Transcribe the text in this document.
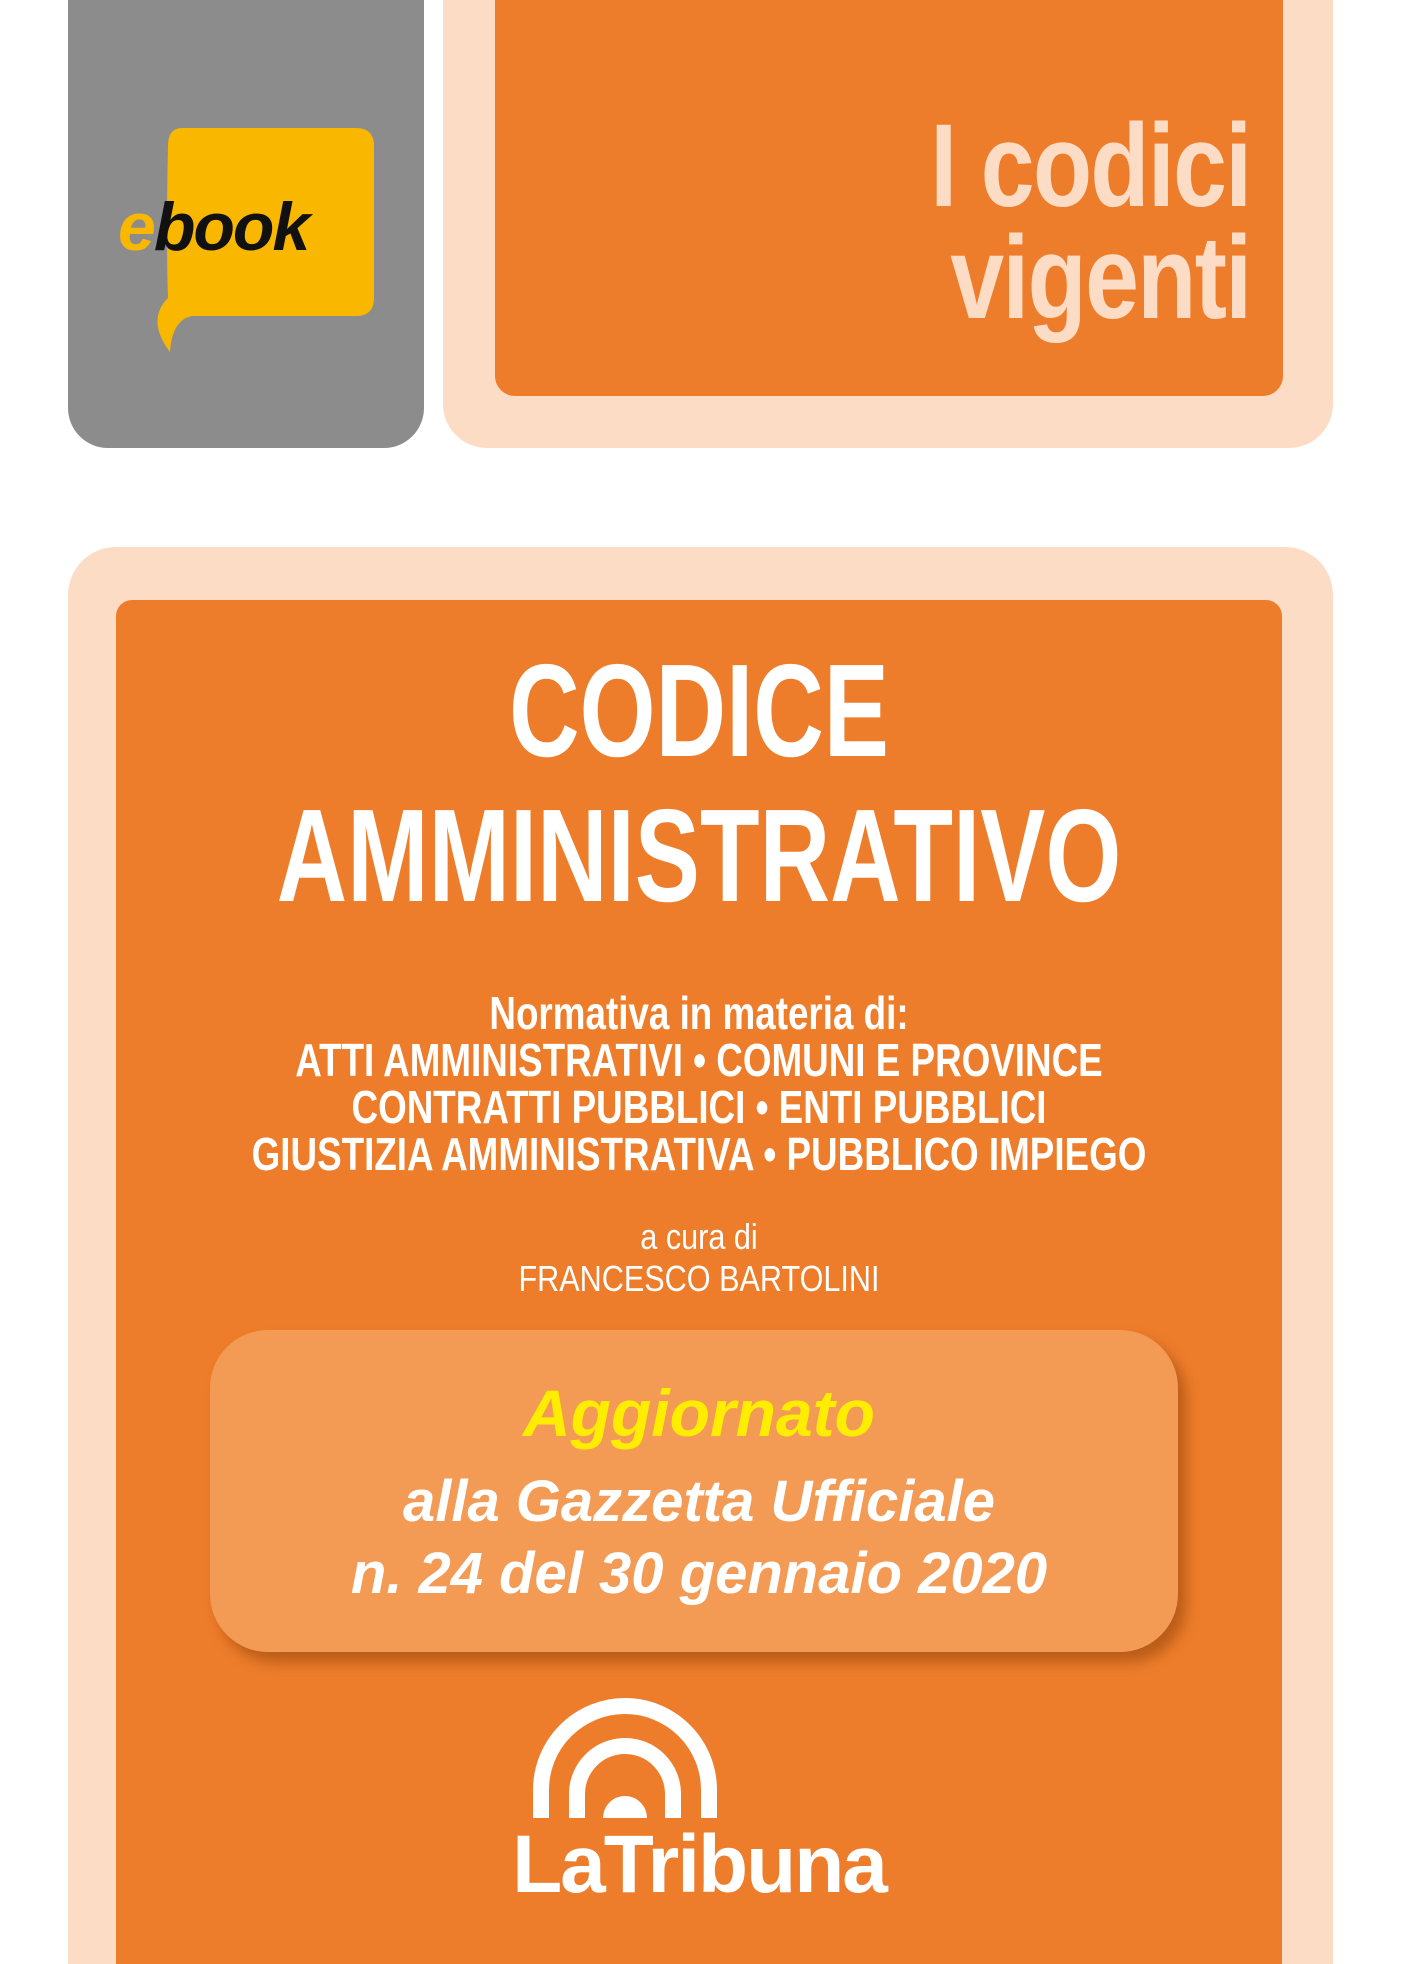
ebook	I codici
vigenti
CODICE
AMMINISTRATIVO
Normativa in materia di:
ATTI AMMINISTRATIVI • COMUNI E PROVINCE
CONTRATTI PUBBLICI • ENTI PUBBLICI
GIUSTIZIA AMMINISTRATIVA • PUBBLICO IMPIEGO
a cura di
FRANCESCO BARTOLINI
Aggiornato
alla Gazzetta Ufficiale
n. 24 del 30 gennaio 2020
LaTribuna
